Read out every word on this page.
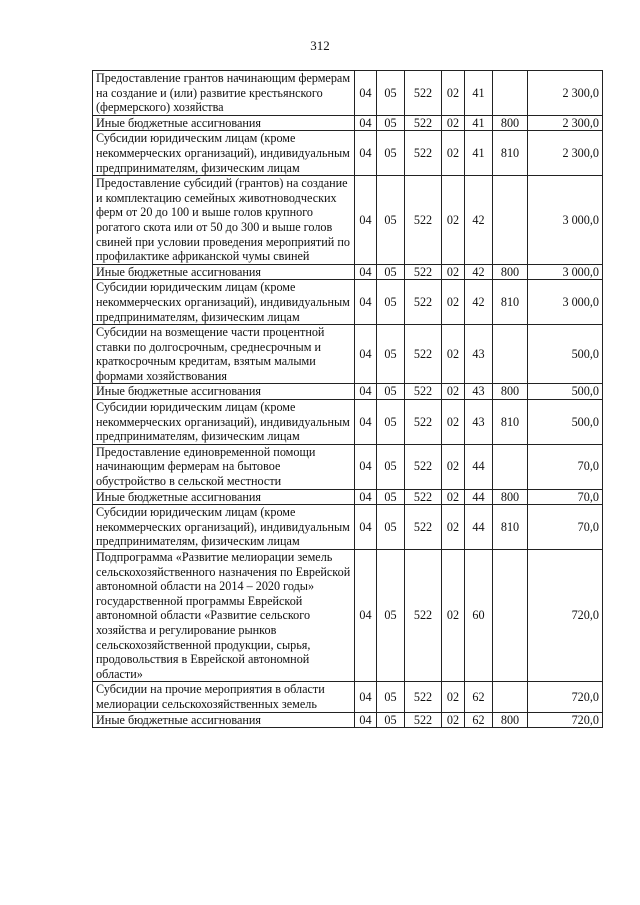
312
Предоставление грантов начинающим фермерам на создание и (или) развитие крестьянского (фермерского) хозяйства	04	05	522	02	41		2 300,0
Иные бюджетные ассигнования	04	05	522	02	41	800	2 300,0
Субсидии юридическим лицам (кроме некоммерческих организаций), индивидуальным предпринимателям, физическим лицам	04	05	522	02	41	810	2 300,0
Предоставление субсидий (грантов) на создание и комплектацию семейных животноводческих ферм от 20 до 100 и выше голов крупного рогатого скота или от 50 до 300 и выше голов свиней при условии проведения мероприятий по профилактике африканской чумы свиней	04	05	522	02	42		3 000,0
Иные бюджетные ассигнования	04	05	522	02	42	800	3 000,0
Субсидии юридическим лицам (кроме некоммерческих организаций), индивидуальным предпринимателям, физическим лицам	04	05	522	02	42	810	3 000,0
Субсидии на возмещение части процентной ставки по долгосрочным, среднесрочным и краткосрочным кредитам, взятым малыми формами хозяйствования	04	05	522	02	43		500,0
Иные бюджетные ассигнования	04	05	522	02	43	800	500,0
Субсидии юридическим лицам (кроме некоммерческих организаций), индивидуальным предпринимателям, физическим лицам	04	05	522	02	43	810	500,0
Предоставление единовременной помощи начинающим фермерам на бытовое обустройство в сельской местности	04	05	522	02	44		70,0
Иные бюджетные ассигнования	04	05	522	02	44	800	70,0
Субсидии юридическим лицам (кроме некоммерческих организаций), индивидуальным предпринимателям, физическим лицам	04	05	522	02	44	810	70,0
Подпрограмма «Развитие мелиорации земель сельскохозяйственного назначения по Еврейской автономной области на 2014 – 2020 годы» государственной программы Еврейской автономной области «Развитие сельского хозяйства и регулирование рынков сельскохозяйственной продукции, сырья, продовольствия в Еврейской автономной области»	04	05	522	02	60		720,0
Субсидии на прочие мероприятия в области мелиорации сельскохозяйственных земель	04	05	522	02	62		720,0
Иные бюджетные ассигнования	04	05	522	02	62	800	720,0
